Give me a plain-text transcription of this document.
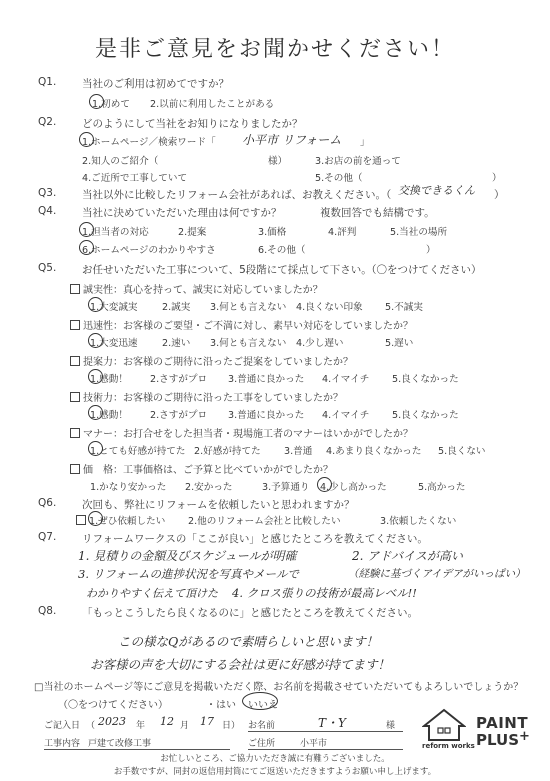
是非ご意見をお聞かせください！
Q1. 当社のご利用は初めてですか？
1.初めて 2.以前に利用したことがある
Q2. どのようにして当社をお知りになりましたか？
1.ホームページ／検索ワード「 小平市 リフォーム 」
2.知人のご紹介（	様）	3.お店の前を通って
4.ご近所で工事していて	5.その他（	）
Q3. 当社以外に比較したリフォーム会社があれば、お教えください。（ 交換できるくん ）
Q4. 当社に決めていただいた理由は何ですか？	複数回答でも結構です。
1.担当者の対応	2.提案	3.価格	4.評判	5.当社の場所
6.ホームページのわかりやすさ	6.その他（	）
Q5. お任せいただいた工事について、5段階にて採点して下さい。
（〇をつけてください）
誠実性：真心を持って、誠実に対応していましたか？
1.大変誠実	2.誠実 3.何とも言えない 4.良くない印象 5.不誠実
迅速性：お客様のご要望・ご不満に対し、素早い対応をしていましたか？
1.大変迅速	2.速い 3.何とも言えない 4.少し遅い	5.遅い
提案力：お客様のご期待に沿ったご提案をしていましたか？
1.感動！ 2.さすがプロ 3.普通に良かった 4.イマイチ 5.良くなかった
技術力：お客様のご期待に沿った工事をしていましたか？
1.感動！ 2.さすがプロ 3.普通に良かった 4.イマイチ 5.良くなかった
マナー：お打合せをした担当者・現場施工者のマナーはいかがでしたか？
1.とても好感が持てた 2.好感が持てた 3.普通 4.あまり良くなかった 5.良くない
価　格：工事価格は、ご予算と比べていかがでしたか？
1.かなり安かった 2.安かった	3.予算通り 4.少し高かった	5.高かった
Q6. 次回も、弊社にリフォームを依頼したいと思われますか？
1.ぜひ依頼したい 2.他のリフォーム会社と比較したい	3.依頼したくない
Q7. リフォームワークスの「ここが良い」と感じたところを教えてください。
1. 見積りの金額及びスケジュールが明確	2. アドバイスが高い
3. リフォームの進捗状況を写真やメールで	（経験に基づくアイデアがいっぱい）
わかりやすく伝えて頂けた 4. クロス張りの技術が最高レベル!!
Q8. 「もっとこうしたら良くなるのに」と感じたところを教えてください。
この様なQがあるので素晴らしいと思います！
お客様の声を大切にする会社は更に好感が持てます！
□当社のホームページ等にご意見を掲載いただく際、お名前を掲載させていただいてもよろしいでしょうか？
（〇をつけてください）	・はい いいえ
ご記入日 （ 2023 年 12 月 17 日） お名前	T・Y	様
工事内容 戸建て改修工事	ご住所	小平市
お忙しいところ、ご協力いただき誠に有難うございました。
お手数ですが、同封の返信用封筒にてご返送いただきますようお願い申し上げます。
reform works
PAINT
PLUS +
